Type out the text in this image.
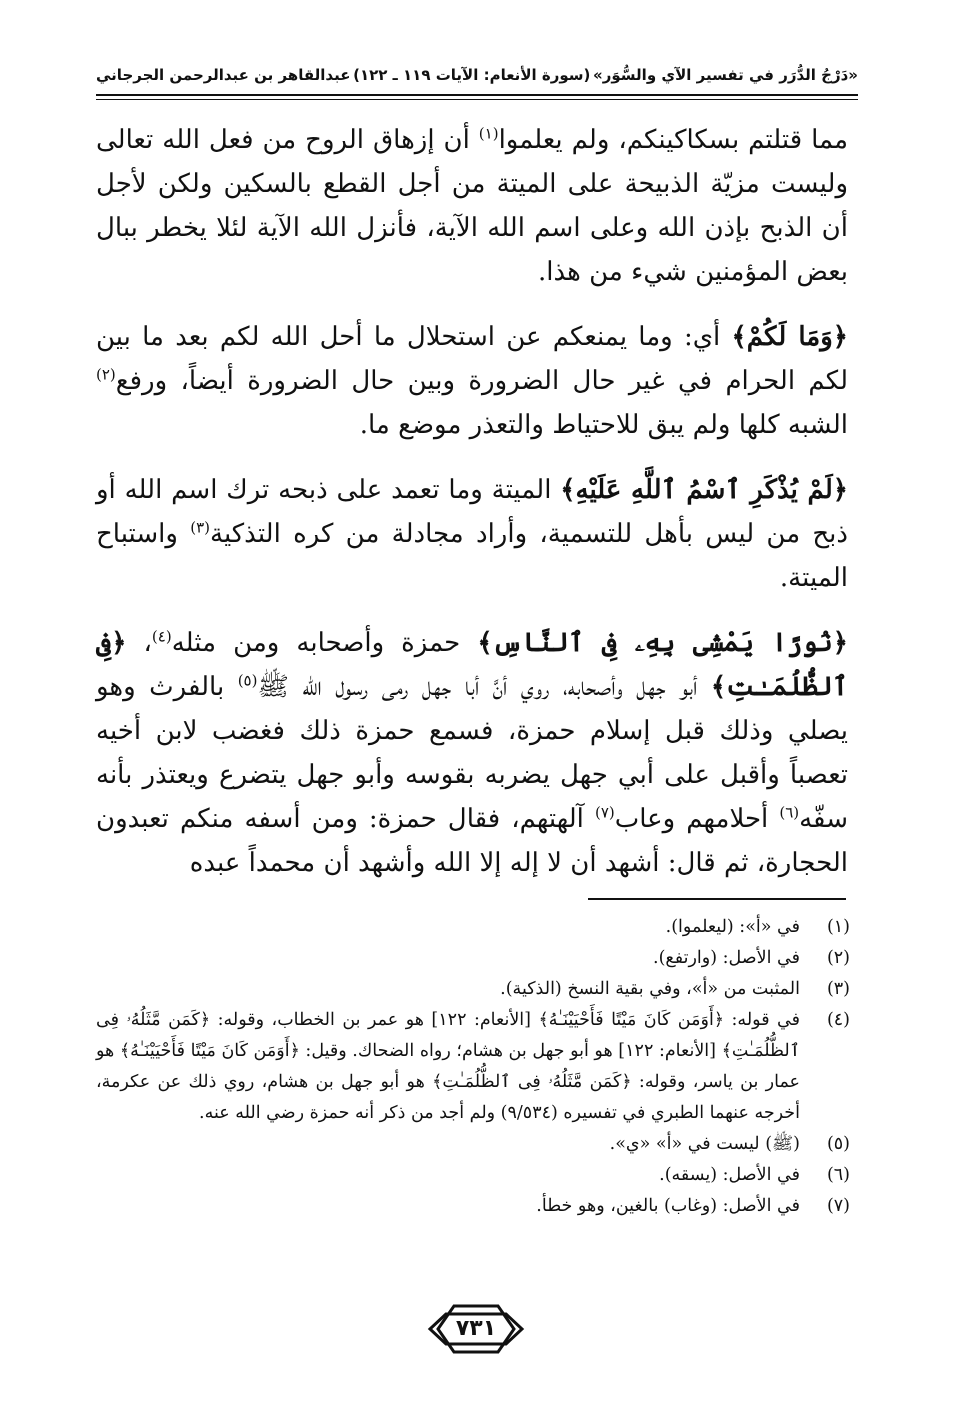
«دَرْجُ الدُّرَر في تفسير الآي والسُّوَر»
(سورة الأنعام: الآيات ١١٩ ـ ١٢٢)
عبدالقاهر بن عبدالرحمن الجرجاني

مما قتلتم بسكاكينكم، ولم يعلموا$^{(١)}$ أن إزهاق الروح من فعل الله تعالى وليست مزيّة الذبيحة على الميتة من أجل القطع بالسكين ولكن لأجل أن الذبح بإذن الله وعلى اسم الله الآية، فأنزل الله الآية لئلا يخطر ببال بعض المؤمنين شيء من هذا.

﴿وَمَا لَكُمْ﴾ أي: وما يمنعكم عن استحلال ما أحل الله لكم بعد ما بين لكم الحرام في غير حال الضرورة وبين حال الضرورة أيضاً، ورفع$^{(٢)}$ الشبه كلها ولم يبق للاحتياط والتعذر موضع ما.

﴿لَمْ يُذْكَرِ ٱسْمُ ٱللَّهِ عَلَيْهِ﴾ الميتة وما تعمد على ذبحه ترك اسم الله أو ذبح من ليس بأهل للتسمية، وأراد مجادلة من كره التذكية$^{(٣)}$ واستباح الميتة.

﴿نُورًا يَمْشِى بِهِۦ فِى ٱلنَّاسِ﴾ حمزة وأصحابه ومن مثله$^{(٤)}$، ﴿فِى ٱلظُّلُمَـٰتِ﴾ أبو جهل وأصحابه، روي أنَّ أبا جهل رمى رسول الله ﷺ$^{(٥)}$ بالفرث وهو يصلي وذلك قبل إسلام حمزة، فسمع حمزة ذلك فغضب لابن أخيه تعصباً وأقبل على أبي جهل يضربه بقوسه وأبو جهل يتضرع ويعتذر بأنه سفّه$^{(٦)}$ أحلامهم وعاب$^{(٧)}$ آلهتهم، فقال حمزة: ومن أسفه منكم تعبدون الحجارة، ثم قال: أشهد أن لا إله إلا الله وأشهد أن محمداً عبده

(١)
في «أ»: (ليعلموا).
(٢)
في الأصل: (وارتفع).
(٣)
المثبت من «أ»، وفي بقية النسخ (الذكية).
(٤)
في قوله: ﴿أَوَمَن كَانَ مَيْتًا فَأَحْيَيْنَـٰهُ﴾ [الأنعام: ١٢٢] هو عمر بن الخطاب، وقوله: ﴿كَمَن مَّثَلُهُۥ فِى ٱلظُّلُمَـٰتِ﴾ [الأنعام: ١٢٢] هو أبو جهل بن هشام؛ رواه الضحاك. وقيل: ﴿أَوَمَن كَانَ مَيْتًا فَأَحْيَيْنَـٰهُ﴾ هو عمار بن ياسر، وقوله: ﴿كَمَن مَّثَلُهُۥ فِى ٱلظُّلُمَـٰتِ﴾ هو أبو جهل بن هشام، روي ذلك عن عكرمة، أخرجه عنهما الطبري في تفسيره (٩/٥٣٤) ولم أجد من ذكر أنه حمزة رضي الله عنه.
(٥)
(ﷺ) ليست في «أ» «ي».
(٦)
في الأصل: (يسقه).
(٧)
في الأصل: (وغاب) بالغين، وهو خطأ.
٧٣١
